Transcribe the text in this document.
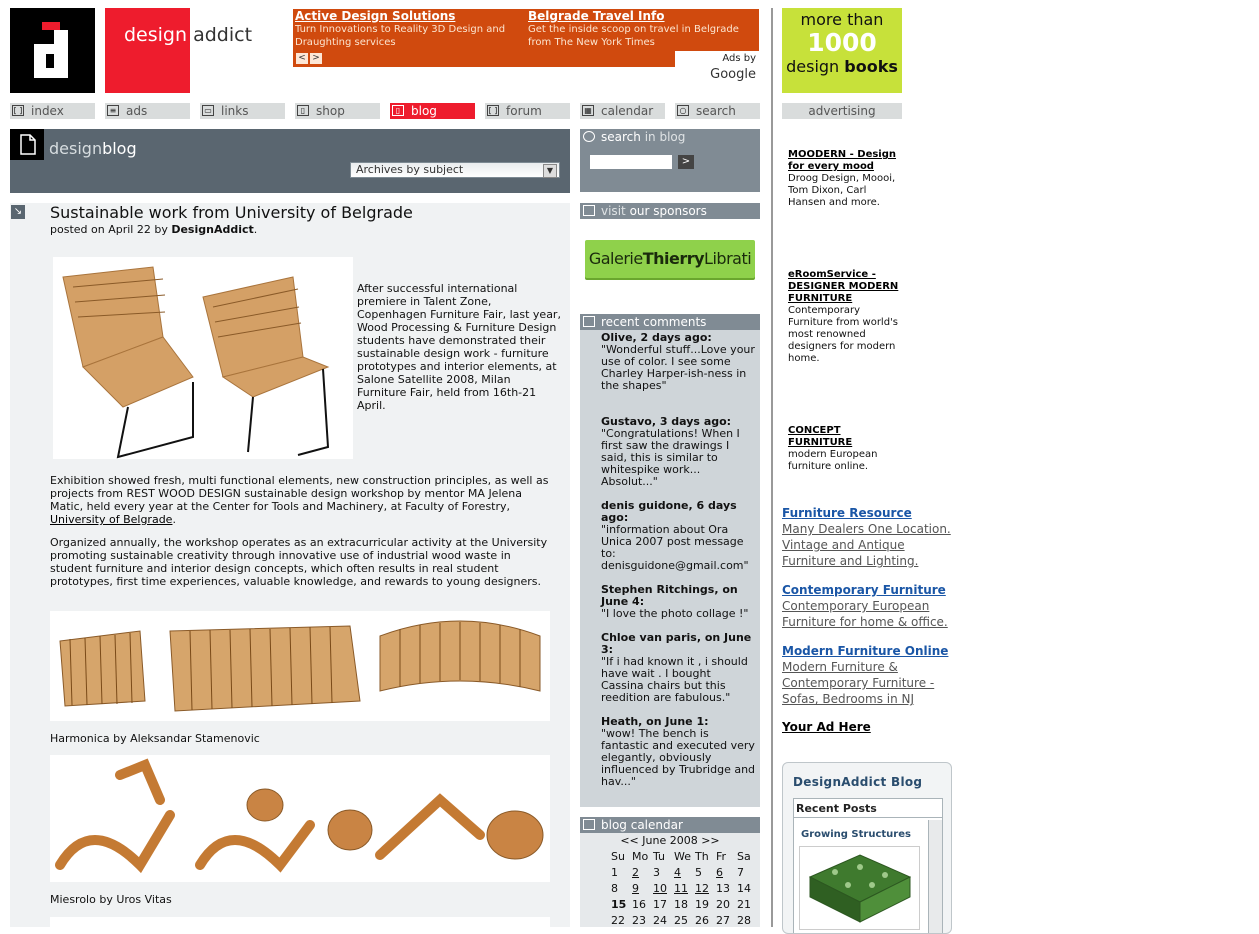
design addict
Active Design Solutions
Turn Innovations to Reality 3D Design and Draughting services
Belgrade Travel Info
Get the inside scoop on travel in Belgrade from The New York Times
< >	Ads by Google
more than
1000
design books
[ ] index	≡ ads	▭ links	▯ shop	▯ blog	[ ] forum	▦ calendar	○ search	advertising
designblog
Archives by subject	▼
↘ Sustainable work from University of Belgrade
posted on April 22 by DesignAddict.
After successful international premiere in Talent Zone, Copenhagen Furniture Fair, last year, Wood Processing & Furniture Design students have demonstrated their sustainable design work - furniture prototypes and interior elements, at Salone Satellite 2008, Milan Furniture Fair, held from 16th-21 April.
Exhibition showed fresh, multi functional elements, new construction principles, as well as projects from REST WOOD DESIGN sustainable design workshop by mentor MA Jelena Matic, held every year at the Center for Tools and Machinery, at Faculty of Forestry, University of Belgrade.
Organized annually, the workshop operates as an extracurricular activity at the University promoting sustainable creativity through innovative use of industrial wood waste in student furniture and interior design concepts, which often results in real student prototypes, first time experiences, valuable knowledge, and rewards to young designers.
Harmonica by Aleksandar Stamenovic
Miesrolo by Uros Vitas
search in blog
>
visit our sponsors
GalerieThierryLibrati
recent comments
Olive, 2 days ago:
"Wonderful stuff...Love your use of color. I see some Charley Harper-ish-ness in the shapes"
Gustavo, 3 days ago:
"Congratulations! When I first saw the drawings I said, this is similar to whitespike work... Absolut..."
denis guidone, 6 days ago:
"information about Ora Unica 2007 post message to: denisguidone@gmail.com"
Stephen Ritchings, on June 4:
"I love the photo collage !"
Chloe van paris, on June 3:
"If i had known it , i should have wait . I bought Cassina chairs but this reedition are fabulous."
Heath, on June 1:
"wow! The bench is fantastic and executed very elegantly, obviously influenced by Trubridge and hav..."
blog calendar
<< June 2008 >>
Su Mo Tu We Th Fr Sa
1 2 3 4 5 6 7
8 9 10 11 12 13 14
15 16 17 18 19 20 21
22 23 24 25 26 27 28
MOODERN - Design for every mood
Droog Design, Moooi, Tom Dixon, Carl Hansen and more.
eRoomService - DESIGNER MODERN FURNITURE
Contemporary Furniture from world's most renowned designers for modern home.
CONCEPT FURNITURE
modern European furniture online.
Furniture Resource
Many Dealers One Location. Vintage and Antique Furniture and Lighting.
Contemporary Furniture
Contemporary European Furniture for home & office.
Modern Furniture Online
Modern Furniture & Contemporary Furniture - Sofas, Bedrooms in NJ
Your Ad Here
DesignAddict Blog
Recent Posts
Growing Structures
